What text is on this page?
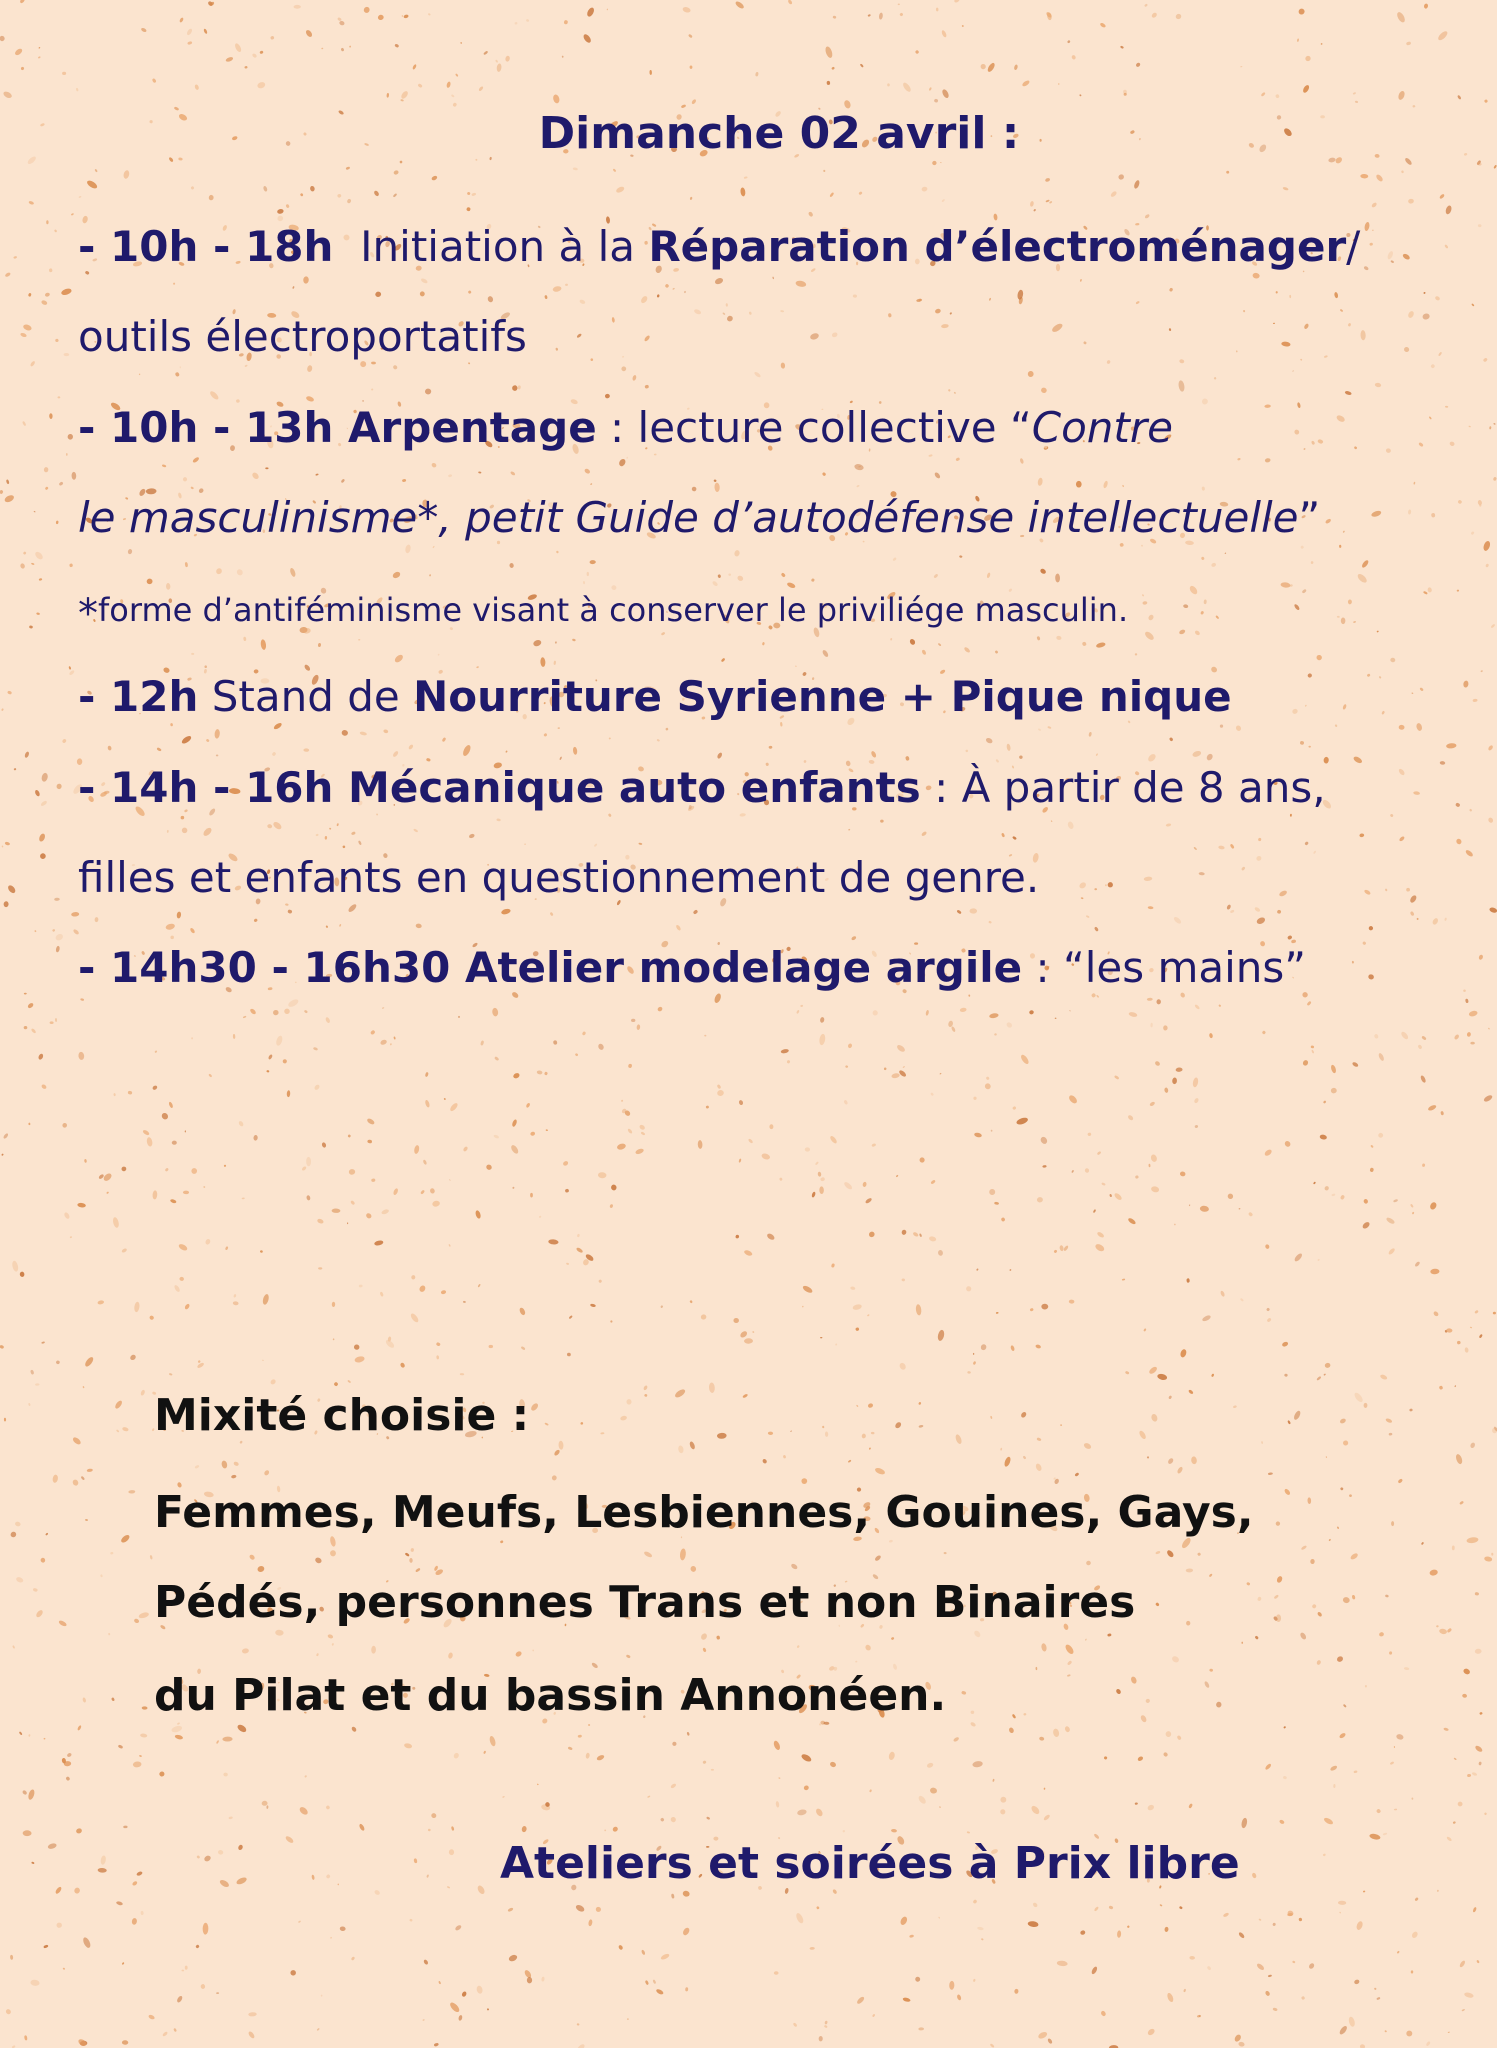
Dimanche 02 avril :
- 10h - 18h  Initiation à la Réparation d’électroménager/
outils électroportatifs
- 10h - 13h Arpentage : lecture collective “Contre
le masculinisme*, petit Guide d’autodéfense intellectuelle”
*forme d’antiféminisme visant à conserver le priviliége masculin.
- 12h Stand de Nourriture Syrienne + Pique nique
- 14h - 16h Mécanique auto enfants : À partir de 8 ans,
filles et enfants en questionnement de genre.
- 14h30 - 16h30 Atelier modelage argile : “les mains”
Mixité choisie :
Femmes, Meufs, Lesbiennes, Gouines, Gays,
Pédés, personnes Trans et non Binaires
du Pilat et du bassin Annonéen.
Ateliers et soirées à Prix libre
